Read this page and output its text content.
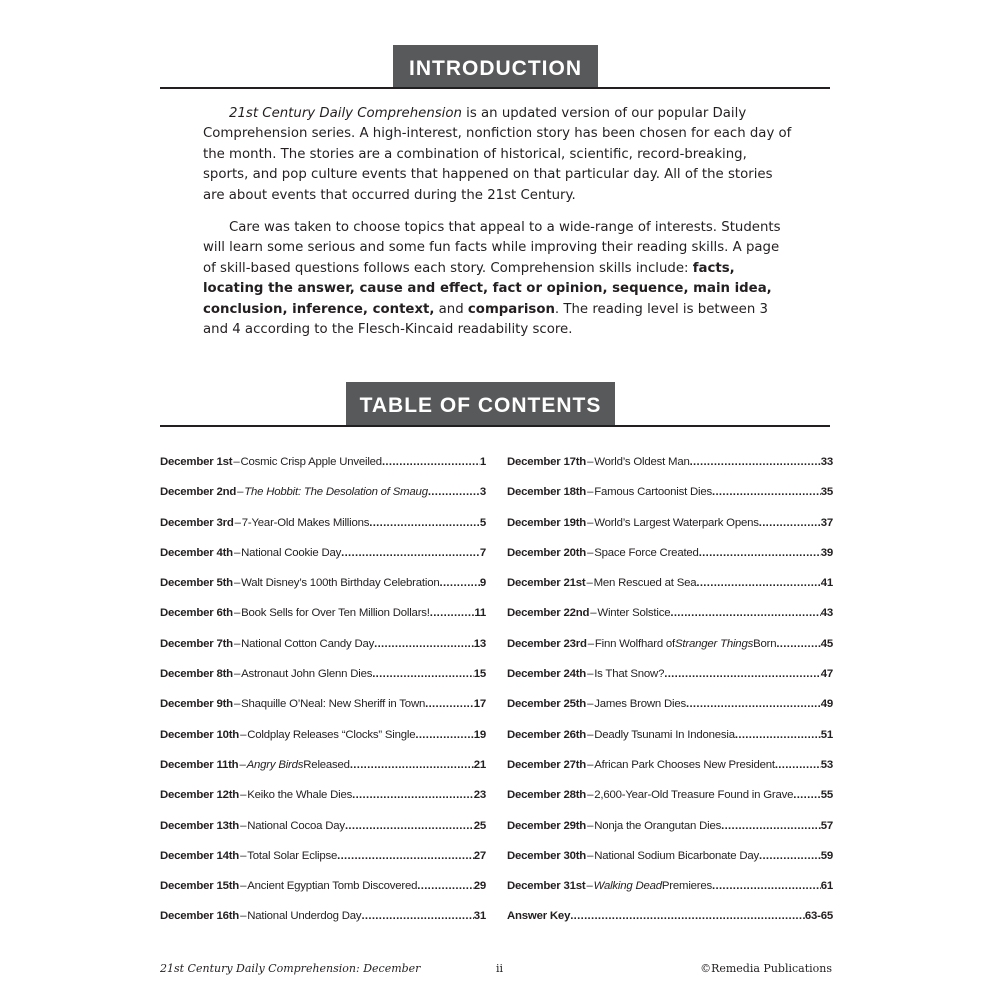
INTRODUCTION

21st Century Daily Comprehension is an updated version of our popular Daily Comprehension series. A high-interest, nonfiction story has been chosen for each day of the month. The stories are a combination of historical, scientific, record-breaking, sports, and pop culture events that happened on that particular day. All of the stories are about events that occurred during the 21st Century.

Care was taken to choose topics that appeal to a wide-range of interests. Students will learn some serious and some fun facts while improving their reading skills. A page of skill-based questions follows each story. Comprehension skills include: facts, locating the answer, cause and effect, fact or opinion, sequence, main idea, conclusion, inference, context, and comparison. The reading level is between 3 and 4 according to the Flesch-Kincaid readability score.

TABLE OF CONTENTS
December 1st – Cosmic Crisp Apple Unveiled .....	1
December 2nd – The Hobbit: The Desolation of Smaug .....	3
December 3rd – 7-Year-Old Makes Millions .....	5
December 4th – National Cookie Day .....	7
December 5th – Walt Disney’s 100th Birthday Celebration .....	9
December 6th – Book Sells for Over Ten Million Dollars! .....	11
December 7th – National Cotton Candy Day .....	13
December 8th – Astronaut John Glenn Dies .....	15
December 9th – Shaquille O’Neal: New Sheriff in Town .....	17
December 10th – Coldplay Releases “Clocks” Single .....	19
December 11th – Angry Birds Released .....	21
December 12th – Keiko the Whale Dies .....	23
December 13th – National Cocoa Day .....	25
December 14th – Total Solar Eclipse .....	27
December 15th – Ancient Egyptian Tomb Discovered .....	29
December 16th – National Underdog Day .....	31
December 17th – World’s Oldest Man .....	33
December 18th – Famous Cartoonist Dies .....	35
December 19th – World’s Largest Waterpark Opens .....	37
December 20th – Space Force Created .....	39
December 21st – Men Rescued at Sea .....	41
December 22nd – Winter Solstice .....	43
December 23rd – Finn Wolfhard of Stranger Things Born .....	45
December 24th – Is That Snow? .....	47
December 25th – James Brown Dies .....	49
December 26th – Deadly Tsunami In Indonesia .....	51
December 27th – African Park Chooses New President .....	53
December 28th – 2,600-Year-Old Treasure Found in Grave ..... 55
December 29th – Nonja the Orangutan Dies .....	57
December 30th – National Sodium Bicarbonate Day .....	59
December 31st – Walking Dead Premieres .....	61
Answer Key .....	63-65
21st Century Daily Comprehension: December	ii	©Remedia Publications
